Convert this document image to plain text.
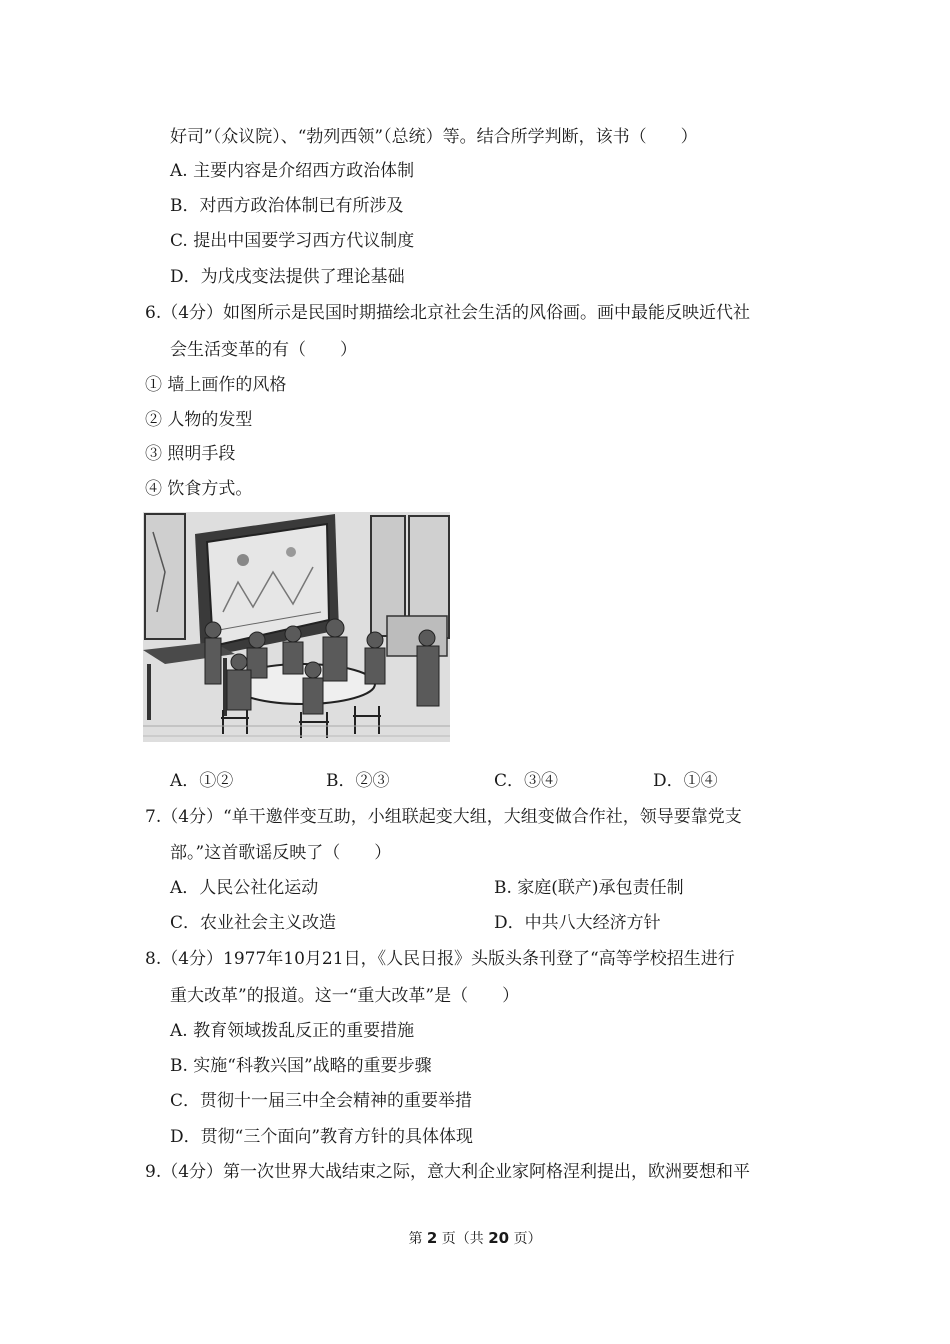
好司”（众议院）、“勃列西领”（总统）等。结合所学判断，该书（　　）
A. 主要内容是介绍西方政治体制
B．对西方政治体制已有所涉及
C. 提出中国要学习西方代议制度
D．为戊戌变法提供了理论基础
6.（4分）如图所示是民国时期描绘北京社会生活的风俗画。画中最能反映近代社
会生活变革的有（　　）
① 墙上画作的风格
② 人物的发型
③ 照明手段
④ 饮食方式。
A．①②	B．②③	C．③④	D．①④
7.（4分）“单干邀伴变互助，小组联起变大组，大组变做合作社，领导要靠党支
部。”这首歌谣反映了（　　）
A．人民公社化运动	B. 家庭(联产)承包责任制
C．农业社会主义改造	D．中共八大经济方针
8.（4分）1977年10月21日，《人民日报》头版头条刊登了“高等学校招生进行
重大改革”的报道。这一“重大改革”是（　　）
A. 教育领域拨乱反正的重要措施
B. 实施“科教兴国”战略的重要步骤
C．贯彻十一届三中全会精神的重要举措
D．贯彻“三个面向”教育方针的具体体现
9.（4分）第一次世界大战结束之际，意大利企业家阿格涅利提出，欧洲要想和平
第 2 页（共 20 页）
